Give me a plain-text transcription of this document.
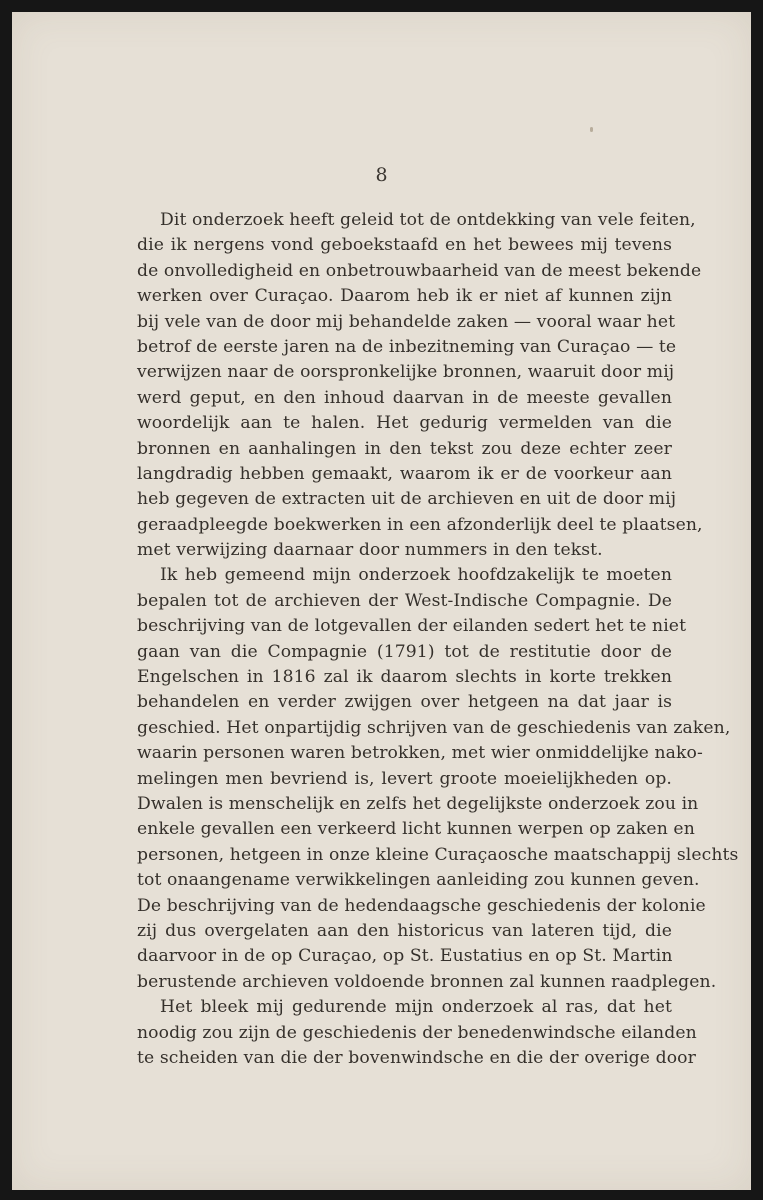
8
Dit onderzoek heeft geleid tot de ontdekking van vele feiten,
die ik nergens vond geboekstaafd en het bewees mij tevens
de onvolledigheid en onbetrouwbaarheid van de meest bekende
werken over Curaçao. Daarom heb ik er niet af kunnen zijn
bij vele van de door mij behandelde zaken — vooral waar het
betrof de eerste jaren na de inbezitneming van Curaçao — te
verwijzen naar de oorspronkelijke bronnen, waaruit door mij
werd geput, en den inhoud daarvan in de meeste gevallen
woordelijk aan te halen. Het gedurig vermelden van die
bronnen en aanhalingen in den tekst zou deze echter zeer
langdradig hebben gemaakt, waarom ik er de voorkeur aan
heb gegeven de extracten uit de archieven en uit de door mij
geraadpleegde boekwerken in een afzonderlijk deel te plaatsen,
met verwijzing daarnaar door nummers in den tekst.
Ik heb gemeend mijn onderzoek hoofdzakelijk te moeten
bepalen tot de archieven der West-Indische Compagnie. De
beschrijving van de lotgevallen der eilanden sedert het te niet
gaan van die Compagnie (1791) tot de restitutie door de
Engelschen in 1816 zal ik daarom slechts in korte trekken
behandelen en verder zwijgen over hetgeen na dat jaar is
geschied. Het onpartijdig schrijven van de geschiedenis van zaken,
waarin personen waren betrokken, met wier onmiddelijke nako-
melingen men bevriend is, levert groote moeielijkheden op.
Dwalen is menschelijk en zelfs het degelijkste onderzoek zou in
enkele gevallen een verkeerd licht kunnen werpen op zaken en
personen, hetgeen in onze kleine Curaçaosche maatschappij slechts
tot onaangename verwikkelingen aanleiding zou kunnen geven.
De beschrijving van de hedendaagsche geschiedenis der kolonie
zij dus overgelaten aan den historicus van lateren tijd, die
daarvoor in de op Curaçao, op St. Eustatius en op St. Martin
berustende archieven voldoende bronnen zal kunnen raadplegen.
Het bleek mij gedurende mijn onderzoek al ras, dat het
noodig zou zijn de geschiedenis der benedenwindsche eilanden
te scheiden van die der bovenwindsche en die der overige door
